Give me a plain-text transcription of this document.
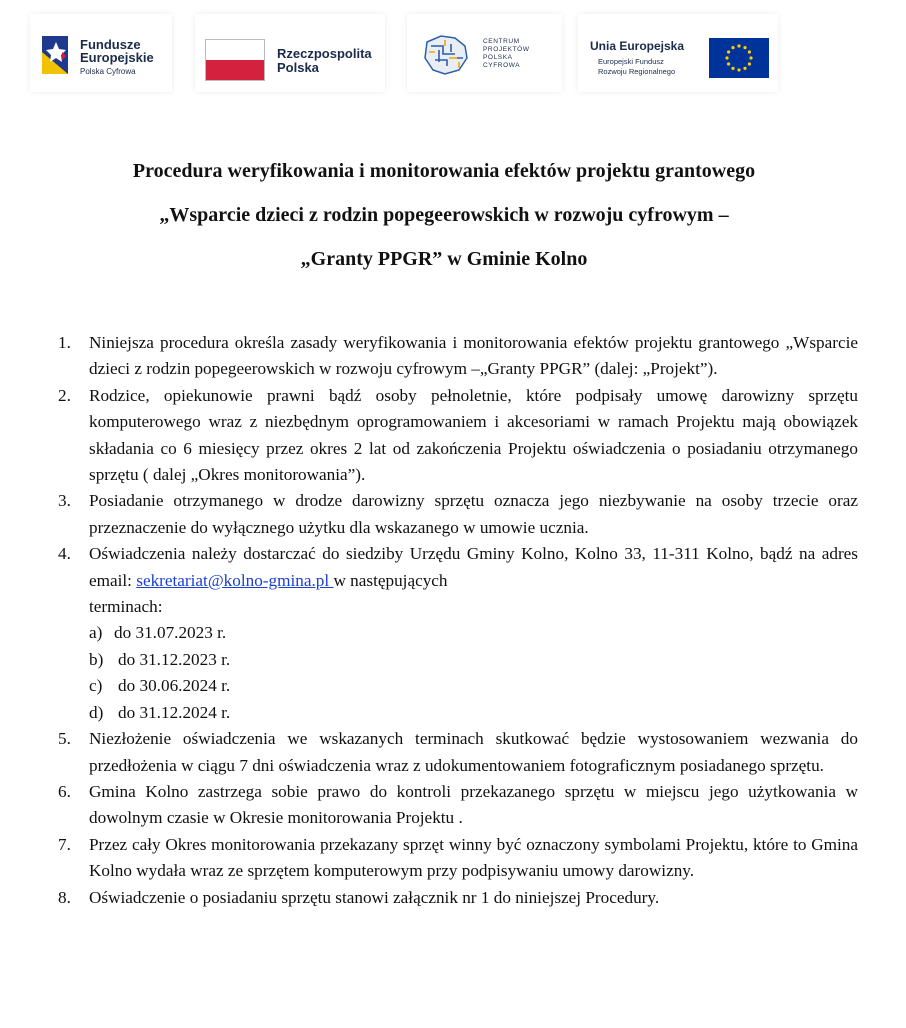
Fundusze
Europejskie
Polska Cyfrowa
Rzeczpospolita
Polska
CENTRUM
PROJEKTÓW
POLSKA
CYFROWA
Unia Europejska
Europejski Fundusz
Rozwoju Regionalnego
Procedura weryfikowania i monitorowania efektów projektu grantowego
„Wsparcie dzieci z rodzin popegeerowskich w rozwoju cyfrowym –
„Granty PPGR” w Gminie Kolno
1. Niniejsza procedura określa zasady weryfikowania i monitorowania efektów projektu grantowego „Wsparcie dzieci z rodzin popegeerowskich w rozwoju cyfrowym –„Granty PPGR” (dalej: „Projekt”).
2. Rodzice, opiekunowie prawni bądź osoby pełnoletnie, które podpisały umowę darowizny sprzętu komputerowego wraz z niezbędnym oprogramowaniem i akcesoriami w ramach Projektu mają obowiązek składania co 6 miesięcy przez okres 2 lat od zakończenia Projektu oświadczenia o posiadaniu otrzymanego sprzętu ( dalej „Okres monitorowania”).
3. Posiadanie otrzymanego w drodze darowizny sprzętu oznacza jego niezbywanie na osoby trzecie oraz przeznaczenie do wyłącznego użytku dla wskazanego w umowie ucznia.
4. Oświadczenia należy dostarczać do siedziby Urzędu Gminy Kolno, Kolno 33, 11-311 Kolno, bądź na adres email: sekretariat@kolno-gmina.pl w następujących
terminach:
a) do 31.07.2023 r.
b) do 31.12.2023 r.
c) do 30.06.2024 r.
d) do 31.12.2024 r.
5. Niezłożenie oświadczenia we wskazanych terminach skutkować będzie wystosowaniem wezwania do przedłożenia w ciągu 7 dni oświadczenia wraz z udokumentowaniem fotograficznym posiadanego sprzętu.
6. Gmina Kolno zastrzega sobie prawo do kontroli przekazanego sprzętu w miejscu jego użytkowania w dowolnym czasie w Okresie monitorowania Projektu .
7. Przez cały Okres monitorowania przekazany sprzęt winny być oznaczony symbolami Projektu, które to Gmina Kolno wydała wraz ze sprzętem komputerowym przy podpisywaniu umowy darowizny.
8. Oświadczenie o posiadaniu sprzętu stanowi załącznik nr 1 do niniejszej Procedury.
